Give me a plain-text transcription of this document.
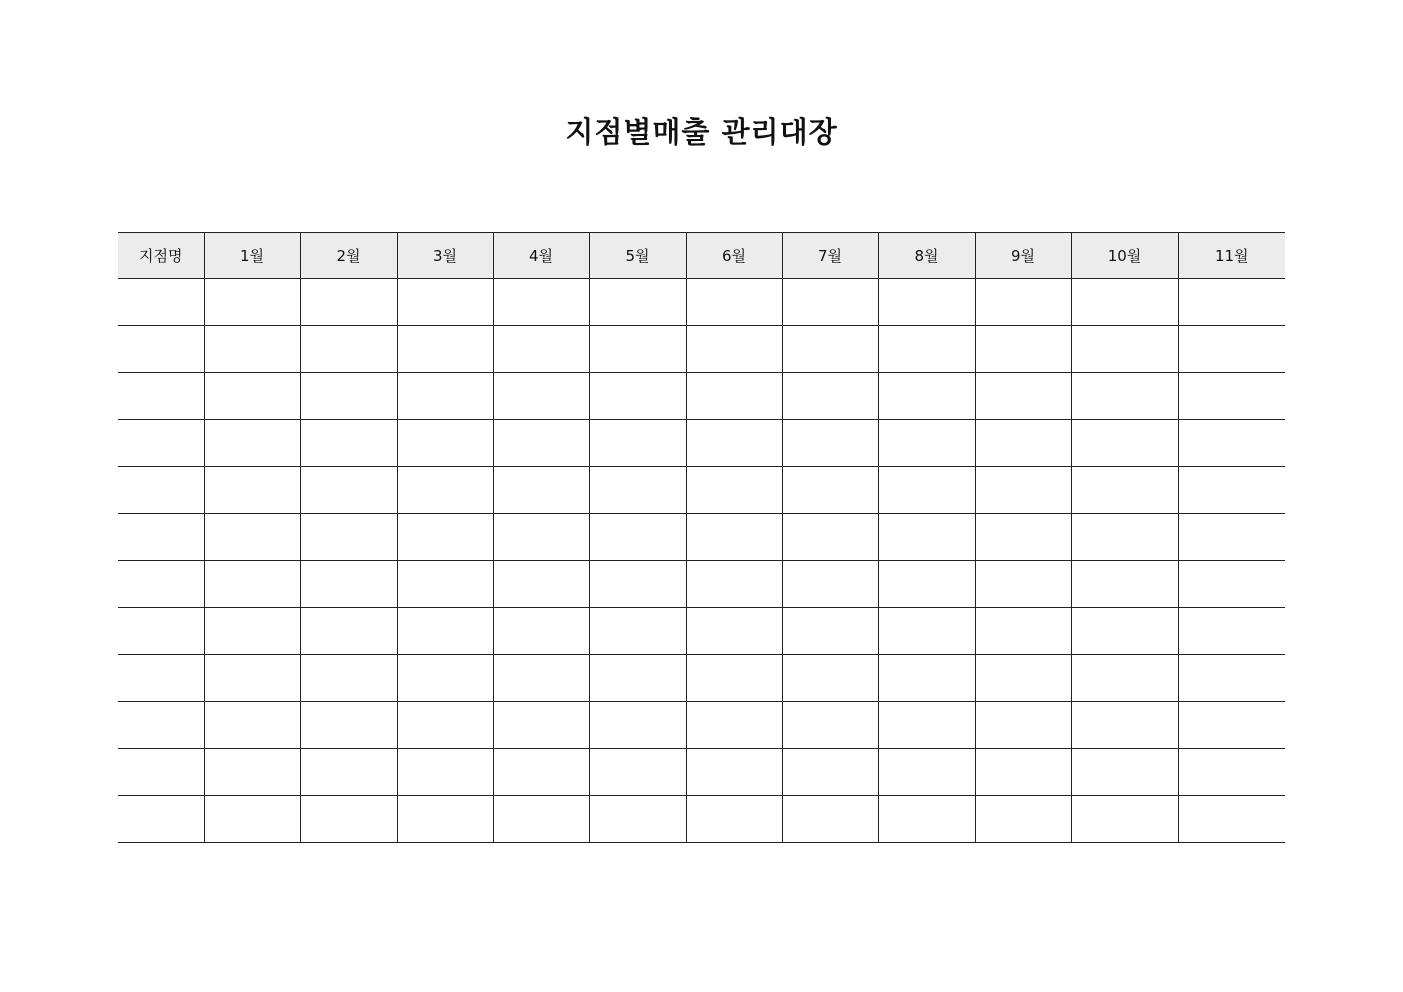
지점별매출 관리대장
지점명	1월	2월	3월	4월	5월	6월	7월	8월	9월	10월	11월
